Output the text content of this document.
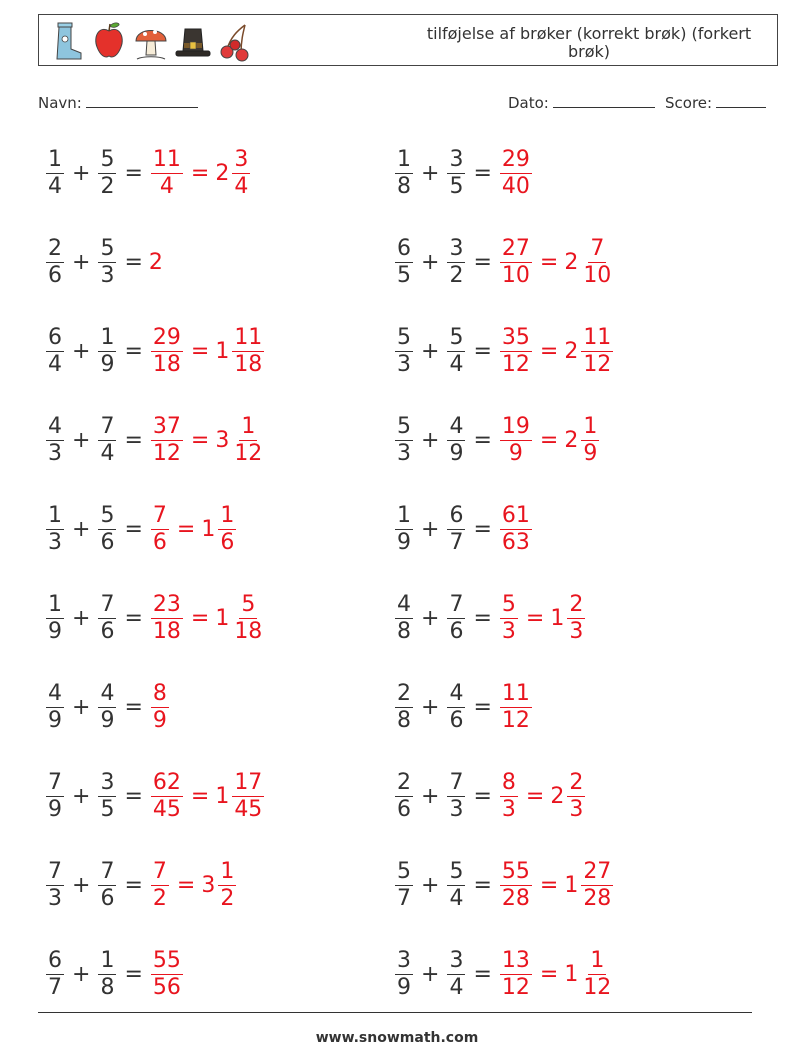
tilføjelse af brøker (korrekt brøk) (forkert brøk)
Navn:	Dato:	Score:
$\frac{1}{4} + \frac{5}{2} = \frac{11}{4} = 2 \frac{3}{4}$	$\frac{1}{8} + \frac{3}{5} = \frac{29}{40}$
$\frac{2}{6} + \frac{5}{3} = 2$	$\frac{6}{5} + \frac{3}{2} = \frac{27}{10} = 2 \frac{7}{10}$
$\frac{6}{4} + \frac{1}{9} = \frac{29}{18} = 1 \frac{11}{18}$	$\frac{5}{3} + \frac{5}{4} = \frac{35}{12} = 2 \frac{11}{12}$
$\frac{4}{3} + \frac{7}{4} = \frac{37}{12} = 3 \frac{1}{12}$	$\frac{5}{3} + \frac{4}{9} = \frac{19}{9} = 2 \frac{1}{9}$
$\frac{1}{3} + \frac{5}{6} = \frac{7}{6} = 1 \frac{1}{6}$	$\frac{1}{9} + \frac{6}{7} = \frac{61}{63}$
$\frac{1}{9} + \frac{7}{6} = \frac{23}{18} = 1 \frac{5}{18}$	$\frac{4}{8} + \frac{7}{6} = \frac{5}{3} = 1 \frac{2}{3}$
$\frac{4}{9} + \frac{4}{9} = \frac{8}{9}$	$\frac{2}{8} + \frac{4}{6} = \frac{11}{12}$
$\frac{7}{9} + \frac{3}{5} = \frac{62}{45} = 1 \frac{17}{45}$	$\frac{2}{6} + \frac{7}{3} = \frac{8}{3} = 2 \frac{2}{3}$
$\frac{7}{3} + \frac{7}{6} = \frac{7}{2} = 3 \frac{1}{2}$	$\frac{5}{7} + \frac{5}{4} = \frac{55}{28} = 1 \frac{27}{28}$
$\frac{6}{7} + \frac{1}{8} = \frac{55}{56}$	$\frac{3}{9} + \frac{3}{4} = \frac{13}{12} = 1 \frac{1}{12}$
www.snowmath.com
